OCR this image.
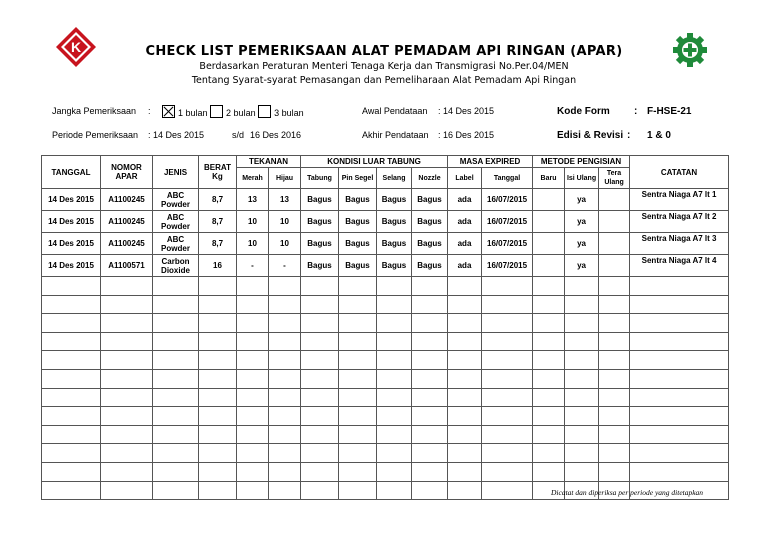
K	CHECK LIST PEMERIKSAAN ALAT PEMADAM API RINGAN (APAR)
Berdasarkan Peraturan Menteri Tenaga Kerja dan Transmigrasi No.Per.04/MEN
Tentang Syarat-syarat Pemasangan dan Pemeliharaan Alat Pemadam Api Ringan
Jangka Pemeriksaan :	1 bulan 2 bulan 3 bulan	Awal Pendataan : 14 Des 2015	Kode Form : F-HSE-21
Periode Pemeriksaan : 14 Des 2015	s/d 16 Des 2016	Akhir Pendataan : 16 Des 2015	Edisi & Revisi : 1 & 0
TANGGAL	NOMOR APAR	JENIS	BERAT Kg	TEKANAN		KONDISI LUAR TABUNG				MASA EXPIRED		METODE PENGISIAN			CATATAN
				Merah	Hijau	Tabung	Pin Segel	Selang	Nozzle	Label	Tanggal	Baru	Isi Ulang	Tera Ulang	
14 Des 2015	A1100245	ABC Powder	8,7	13	13	Bagus	Bagus	Bagus	Bagus	ada	16/07/2015		ya		Sentra Niaga A7 lt 1
14 Des 2015	A1100245	ABC Powder	8,7	10	10	Bagus	Bagus	Bagus	Bagus	ada	16/07/2015		ya		Sentra Niaga A7 lt 2
14 Des 2015	A1100245	ABC Powder	8,7	10	10	Bagus	Bagus	Bagus	Bagus	ada	16/07/2015		ya		Sentra Niaga A7 lt 3
14 Des 2015	A1100571	Carbon Dioxide	16	-	-	Bagus	Bagus	Bagus	Bagus	ada	16/07/2015		ya		Sentra Niaga A7 lt 4

Dicatat dan diperiksa per periode yang ditetapkan
